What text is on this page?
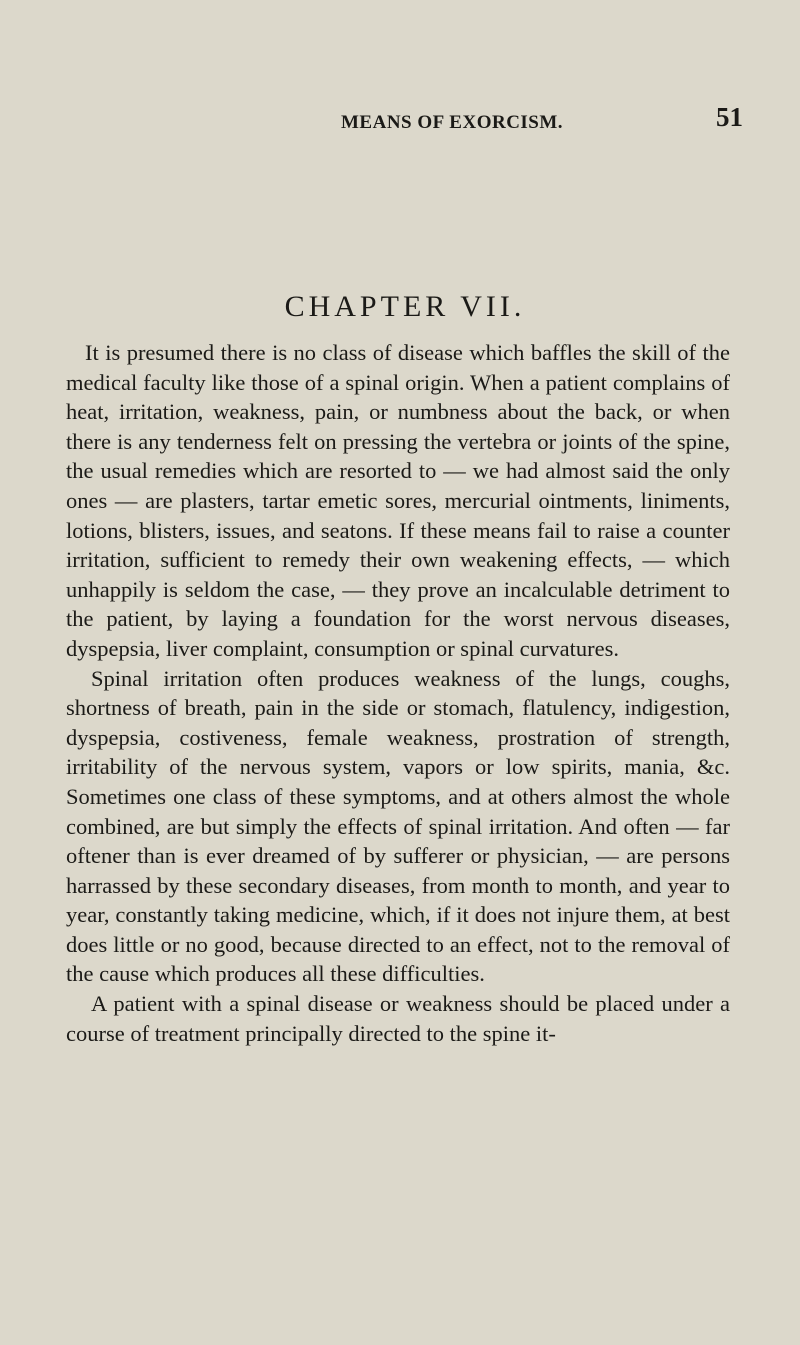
MEANS OF EXORCISM.	51
CHAPTER VII.

It is presumed there is no class of disease which baffles the skill of the medical faculty like those of a spinal origin. When a patient complains of heat, irritation, weakness, pain, or numbness about the back, or when there is any tenderness felt on pressing the vertebra or joints of the spine, the usual remedies which are resorted to — we had almost said the only ones — are plasters, tartar emetic sores, mercurial ointments, liniments, lotions, blisters, issues, and seatons. If these means fail to raise a counter irritation, sufficient to remedy their own weakening effects, — which unhappily is seldom the case, — they prove an incalculable detriment to the patient, by laying a foundation for the worst nervous diseases, dyspepsia, liver complaint, consumption or spinal curvatures.

Spinal irritation often produces weakness of the lungs, coughs, shortness of breath, pain in the side or stomach, flatulency, indigestion, dyspepsia, costiveness, female weakness, prostration of strength, irritability of the nervous system, vapors or low spirits, mania, &c. Sometimes one class of these symptoms, and at others almost the whole combined, are but simply the effects of spinal irritation. And often — far oftener than is ever dreamed of by sufferer or physician, — are persons harrassed by these secondary diseases, from month to month, and year to year, constantly taking medicine, which, if it does not injure them, at best does little or no good, because directed to an effect, not to the removal of the cause which produces all these difficulties.

A patient with a spinal disease or weakness should be placed under a course of treatment principally directed to the spine it-
